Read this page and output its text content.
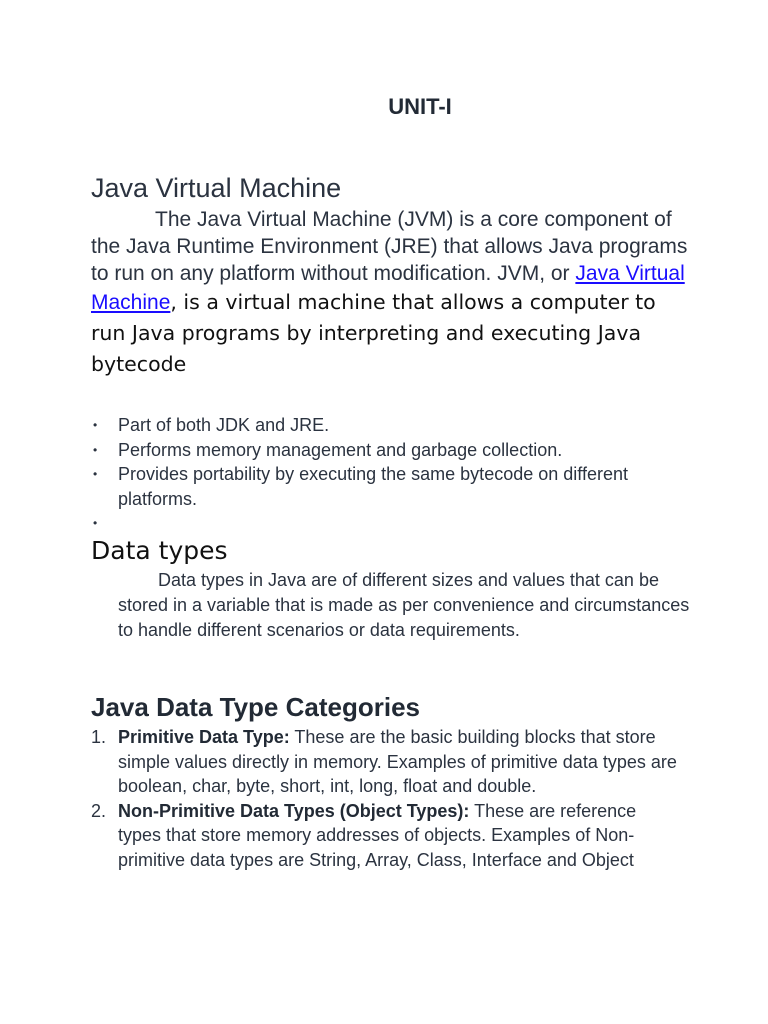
UNIT-I
Java Virtual Machine
The Java Virtual Machine (JVM) is a core component of the Java Runtime Environment (JRE) that allows Java programs to run on any platform without modification. JVM, or Java Virtual Machine, is a virtual machine that allows a computer to run Java programs by interpreting and executing Java bytecode
• Part of both JDK and JRE.
• Performs memory management and garbage collection.
• Provides portability by executing the same bytecode on different platforms.
•

Data types
Data types in Java are of different sizes and values that can be stored in a variable that is made as per convenience and circumstances to handle different scenarios or data requirements.
Java Data Type Categories
1. Primitive Data Type: These are the basic building blocks that store simple values directly in memory. Examples of primitive data types are boolean, char, byte, short, int, long, float and double.
2. Non-Primitive Data Types (Object Types): These are reference types that store memory addresses of objects. Examples of Non-primitive data types are String, Array, Class, Interface and Object
